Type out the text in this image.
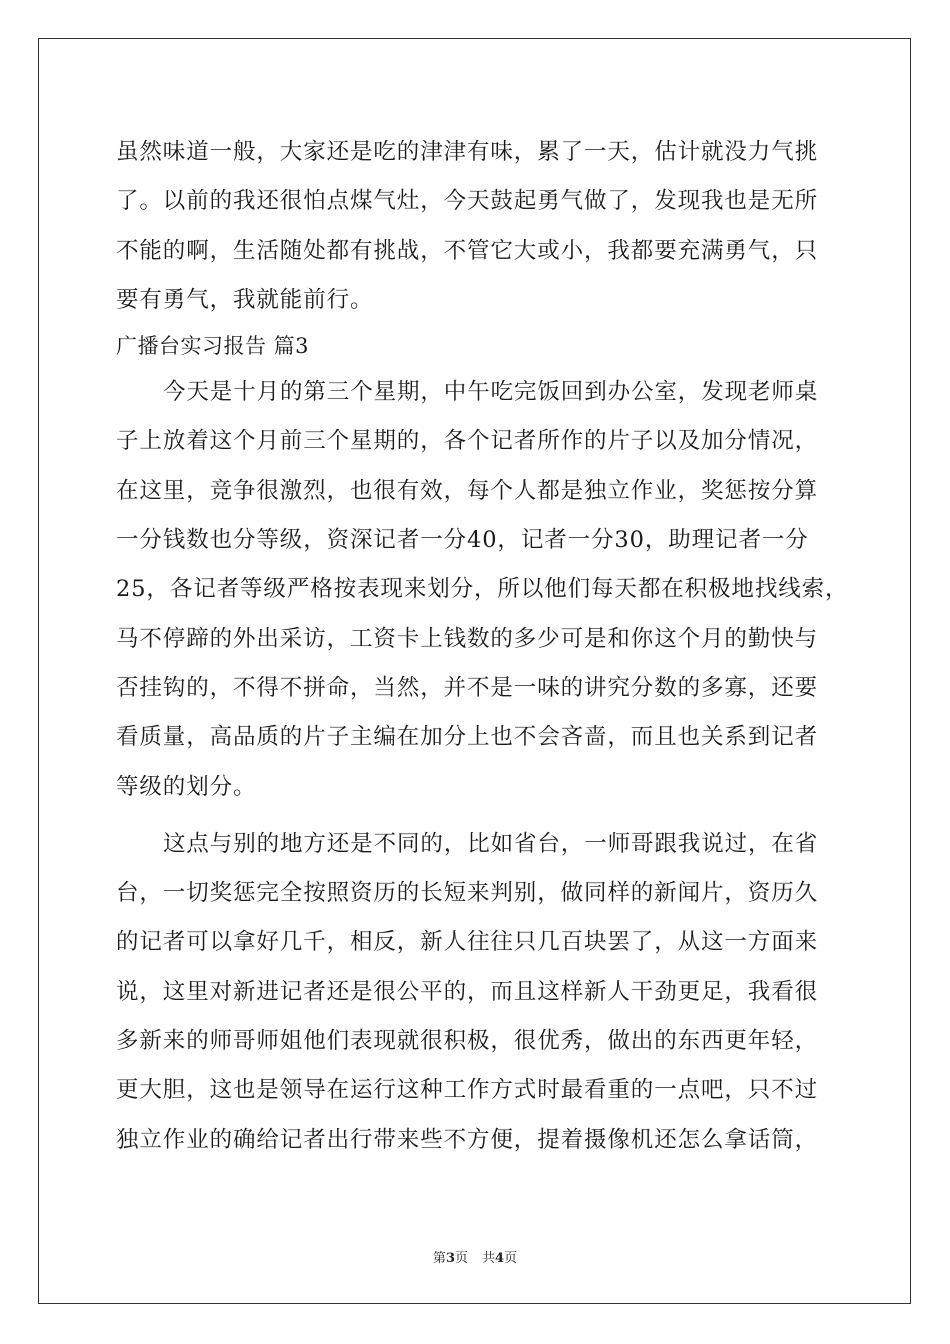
虽然味道一般，大家还是吃的津津有味，累了一天，估计就没力气挑
了。以前的我还很怕点煤气灶，今天鼓起勇气做了，发现我也是无所
不能的啊，生活随处都有挑战，不管它大或小，我都要充满勇气，只
要有勇气，我就能前行。
广播台实习报告 篇3
今天是十月的第三个星期，中午吃完饭回到办公室，发现老师桌
子上放着这个月前三个星期的，各个记者所作的片子以及加分情况，
在这里，竞争很激烈，也很有效，每个人都是独立作业，奖惩按分算
一分钱数也分等级，资深记者一分40，记者一分30，助理记者一分
25，各记者等级严格按表现来划分，所以他们每天都在积极地找线索，
马不停蹄的外出采访，工资卡上钱数的多少可是和你这个月的勤快与
否挂钩的，不得不拼命，当然，并不是一味的讲究分数的多寡，还要
看质量，高品质的片子主编在加分上也不会吝啬，而且也关系到记者
等级的划分。
这点与别的地方还是不同的，比如省台，一师哥跟我说过，在省
台，一切奖惩完全按照资历的长短来判别，做同样的新闻片，资历久
的记者可以拿好几千，相反，新人往往只几百块罢了，从这一方面来
说，这里对新进记者还是很公平的，而且这样新人干劲更足，我看很
多新来的师哥师姐他们表现就很积极，很优秀，做出的东西更年轻，
更大胆，这也是领导在运行这种工作方式时最看重的一点吧，只不过
独立作业的确给记者出行带来些不方便，提着摄像机还怎么拿话筒，
第3页 共4页
